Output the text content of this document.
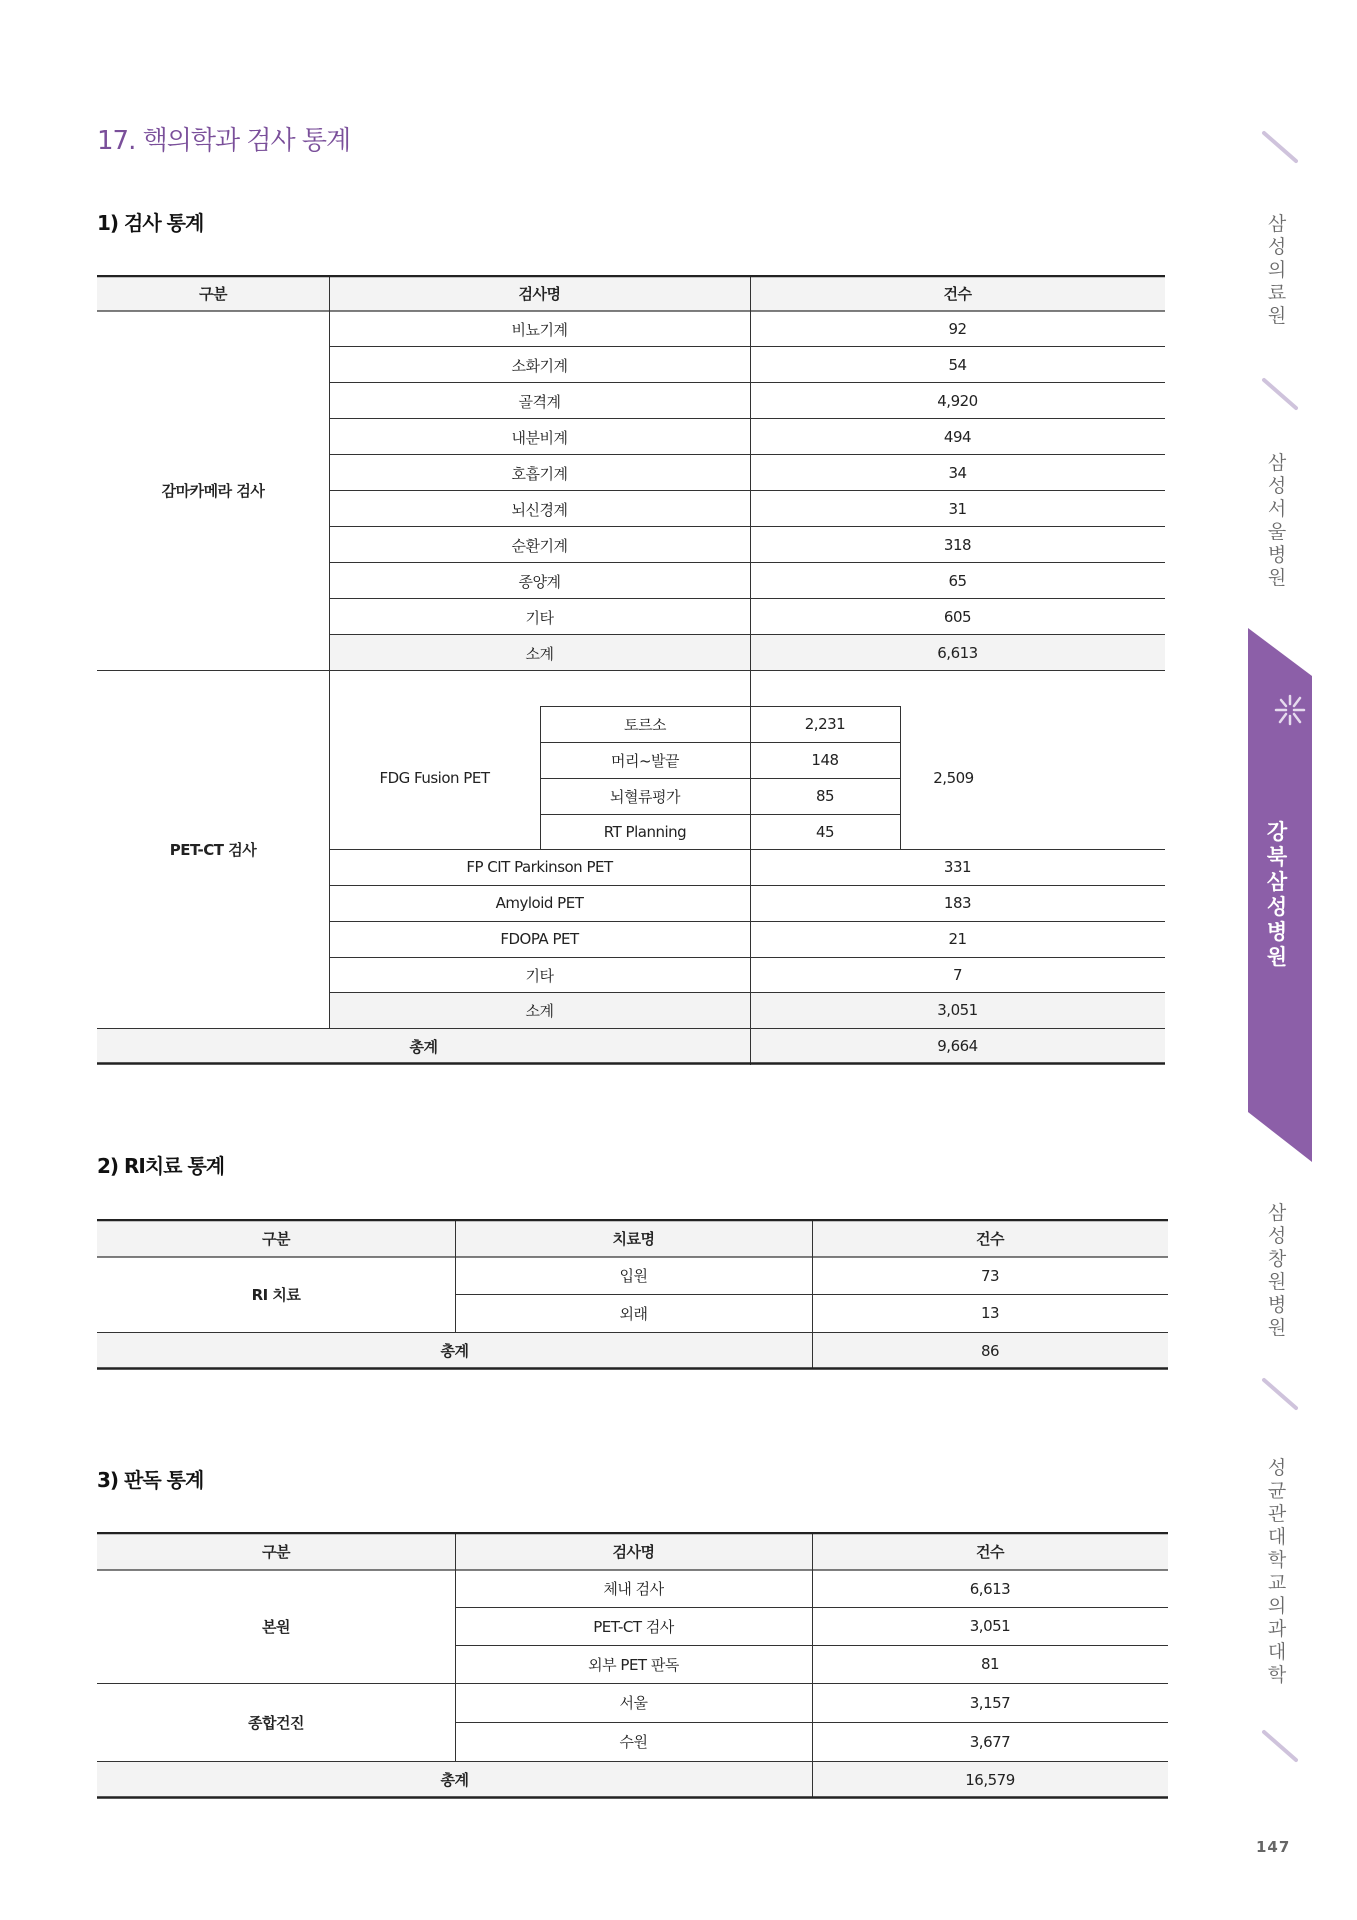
17. 핵의학과 검사 통계
1) 검사 통계
구분	검사명	건수
감마카메라 검사
비뇨기계	92
소화기계	54
골격계	4,920
내분비계	494
호흡기계	34
뇌신경계	31
순환기계	318
종양계	65
기타	605
소계	6,613
PET-CT 검사
FDG Fusion PET	2,509
토르소	2,231
머리~발끝	148
뇌혈류평가	85
RT Planning	45
FP CIT Parkinson PET	331
Amyloid PET	183
FDOPA PET	21
기타	7
소계	3,051
총계	9,664
2) RI치료 통계
구분	치료명	건수
RI 치료
입원	73
외래	13
총계	86
3) 판독 통계
구분	검사명	건수
본원
체내 검사	6,613
PET-CT 검사	3,051
외부 PET 판독	81
종합건진
서울	3,157
수원	3,677
총계	16,579
삼성의료원
삼성서울병원
강북삼성병원
삼성창원병원
성균관대학교 의과대학
147
